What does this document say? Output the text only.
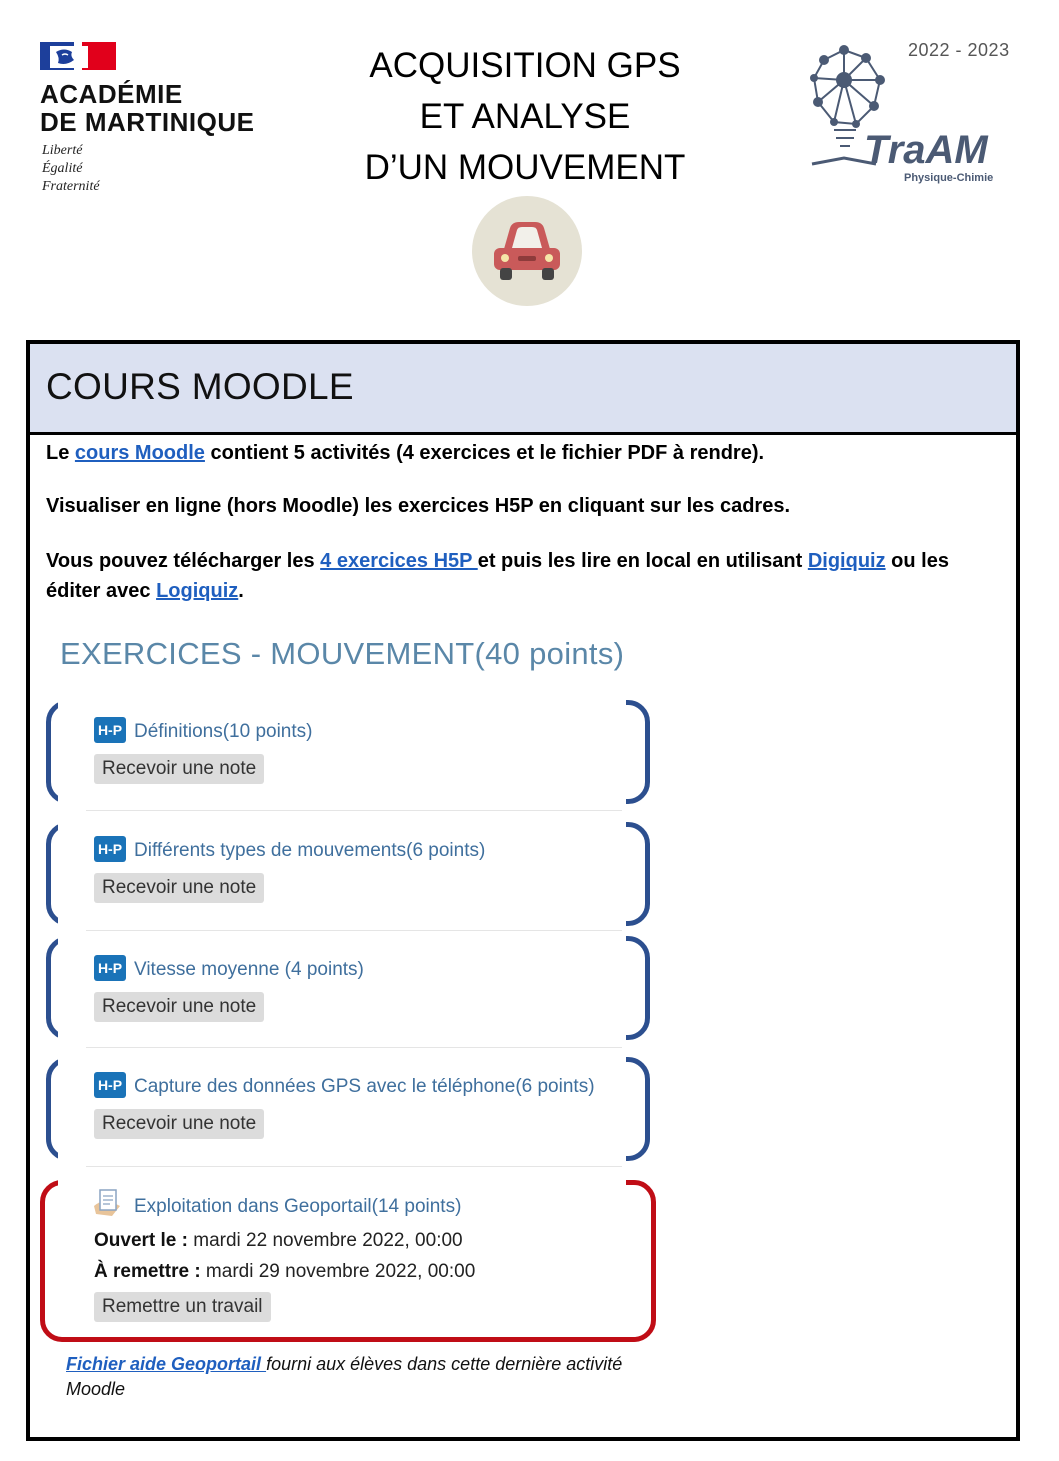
ACADÉMIE
DE MARTINIQUE
Liberté
Égalité
Fraternité
ACQUISITION GPS
ET ANALYSE
D’UN MOUVEMENT
2022 - 2023
TraAM
Physique-Chimie
COURS MOODLE
Le cours Moodle contient 5 activités (4 exercices et le fichier PDF à rendre).
Visualiser en ligne (hors Moodle) les exercices H5P en cliquant sur les cadres.
Vous pouvez télécharger les 4 exercices H5P et puis les lire en local en utilisant Digiquiz ou les éditer avec Logiquiz.
EXERCICES - MOUVEMENT(40 points)
H-P Définitions(10 points)
Recevoir une note
H-P Différents types de mouvements(6 points)
Recevoir une note
H-P Vitesse moyenne (4 points)
Recevoir une note
H-P Capture des données GPS avec le téléphone(6 points)
Recevoir une note
Exploitation dans Geoportail(14 points)
Ouvert le : mardi 22 novembre 2022, 00:00
À remettre : mardi 29 novembre 2022, 00:00
Remettre un travail
Fichier aide Geoportail fourni aux élèves dans cette dernière activité Moodle
